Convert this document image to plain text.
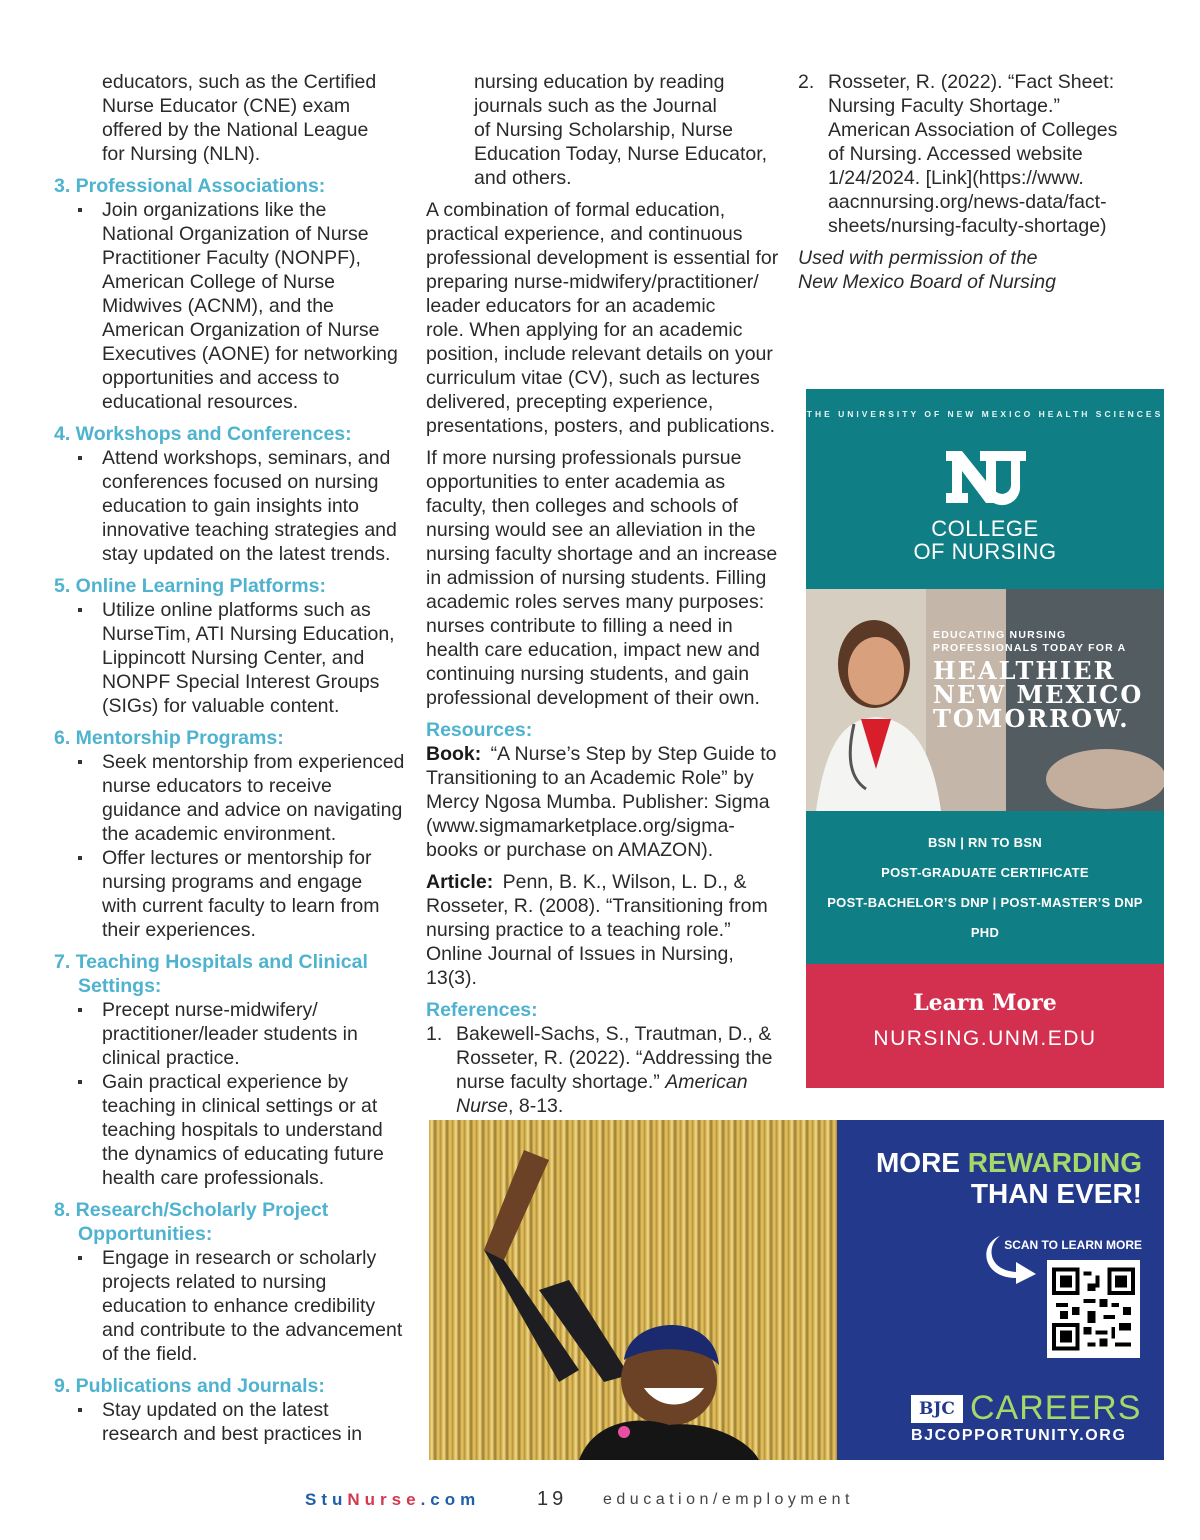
educators, such as the Certified
Nurse Educator (CNE) exam
offered by the National League
for Nursing (NLN).
3. Professional Associations:
Join organizations like the
National Organization of Nurse
Practitioner Faculty (NONPF),
American College of Nurse
Midwives (ACNM), and the
American Organization of Nurse
Executives (AONE) for networking
opportunities and access to
educational resources.
4. Workshops and Conferences:
Attend workshops, seminars, and
conferences focused on nursing
education to gain insights into
innovative teaching strategies and
stay updated on the latest trends.
5. Online Learning Platforms:
Utilize online platforms such as
NurseTim, ATI Nursing Education,
Lippincott Nursing Center, and
NONPF Special Interest Groups
(SIGs) for valuable content.
6. Mentorship Programs:
Seek mentorship from experienced
nurse educators to receive
guidance and advice on navigating
the academic environment.
Offer lectures or mentorship for
nursing programs and engage
with current faculty to learn from
their experiences.
7. Teaching Hospitals and Clinical
Settings:
Precept nurse-midwifery/
practitioner/leader students in
clinical practice.
Gain practical experience by
teaching in clinical settings or at
teaching hospitals to understand
the dynamics of educating future
health care professionals.
8. Research/Scholarly Project
Opportunities:
Engage in research or scholarly
projects related to nursing
education to enhance credibility
and contribute to the advancement
of the field.
9. Publications and Journals:
Stay updated on the latest
research and best practices in
nursing education by reading
journals such as the Journal
of Nursing Scholarship, Nurse
Education Today, Nurse Educator,
and others.
A combination of formal education,
practical experience, and continuous
professional development is essential for
preparing nurse-midwifery/practitioner/
leader educators for an academic
role. When applying for an academic
position, include relevant details on your
curriculum vitae (CV), such as lectures
delivered, precepting experience,
presentations, posters, and publications.
If more nursing professionals pursue
opportunities to enter academia as
faculty, then colleges and schools of
nursing would see an alleviation in the
nursing faculty shortage and an increase
in admission of nursing students. Filling
academic roles serves many purposes:
nurses contribute to filling a need in
health care education, impact new and
continuing nursing students, and gain
professional development of their own.
Resources:
Book: “A Nurse’s Step by Step Guide to
Transitioning to an Academic Role” by
Mercy Ngosa Mumba. Publisher: Sigma
(www.sigmamarketplace.org/sigma-
books or purchase on AMAZON).

Article: Penn, B. K., Wilson, L. D., &
Rosseter, R. (2008). “Transitioning from
nursing practice to a teaching role.”
Online Journal of Issues in Nursing, 13(3).

References:
1. Bakewell-Sachs, S., Trautman, D., &
Rosseter, R. (2022). “Addressing the
nurse faculty shortage.” American
Nurse, 8-13.
2. Rosseter, R. (2022). “Fact Sheet:
Nursing Faculty Shortage.”
American Association of Colleges
of Nursing. Accessed website
1/24/2024. [Link](https://www.
aacnnursing.org/news-data/fact-
sheets/nursing-faculty-shortage)

Used with permission of the
New Mexico Board of Nursing
THE UNIVERSITY OF NEW MEXICO HEALTH SCIENCES
COLLEGE
OF NURSING
EDUCATING NURSING
PROFESSIONALS TODAY FOR A
HEALTHIER
NEW MEXICO
TOMORROW.
BSN | RN TO BSN
POST-GRADUATE CERTIFICATE
POST-BACHELOR’S DNP | POST-MASTER’S DNP
PHD
Learn More
NURSING.UNM.EDU
MORE REWARDING
THAN EVER!
SCAN TO LEARN MORE
BJC CAREERS
BJCOPPORTUNITY.ORG
StuNurse.com	19 education/employment
